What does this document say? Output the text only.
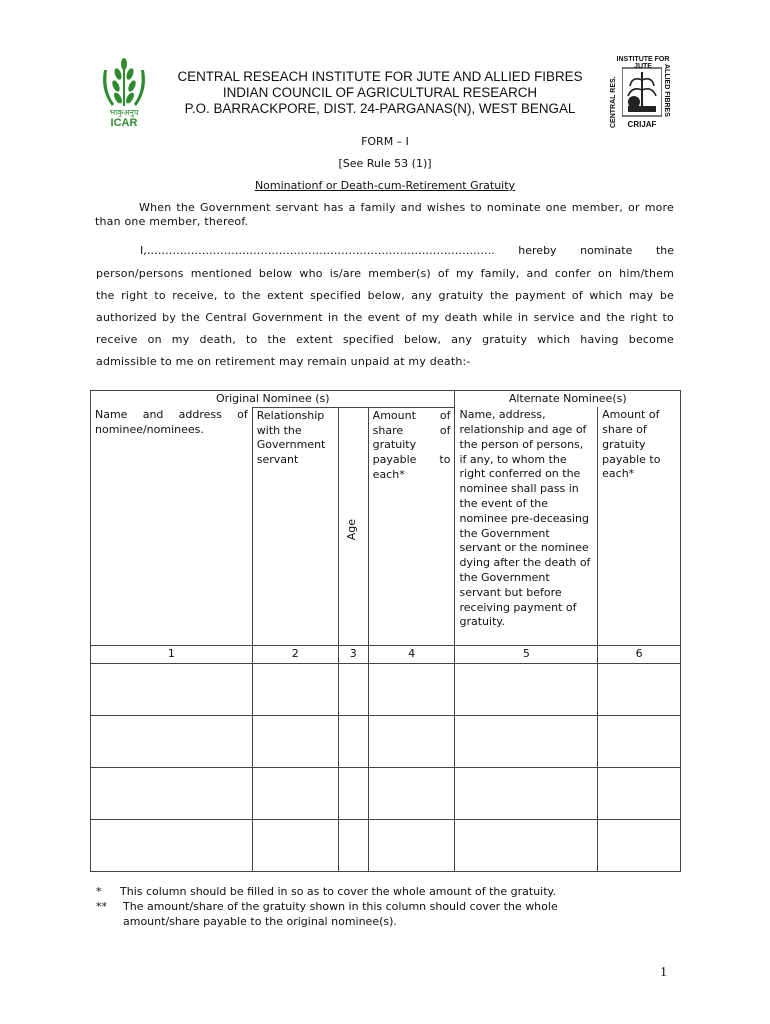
भाकृअनुप
ICAR
CENTRAL RESEACH INSTITUTE FOR JUTE AND ALLIED FIBRES
INDIAN COUNCIL OF AGRICULTURAL RESEARCH
P.O. BARRACKPORE, DIST. 24-PARGANAS(N), WEST BENGAL
INSTITUTE FOR JUTE
CENTRAL RES.	ALLIED FIBRES
CRIJAF
FORM – I
[See Rule 53 (1)]
Nominationf or Death-cum-Retirement Gratuity
When the Government servant has a family and wishes to nominate one member, or more than one member, thereof.
I,………………………………………………………………………………….. hereby nominate the
person/persons mentioned below who is/are member(s) of my family, and confer on him/them
the right to receive, to the extent specified below, any gratuity the payment of which may be
authorized by the Central Government in the event of my death while in service and the right to
receive on my death, to the extent specified below, any gratuity which having become
admissible to me on retirement may remain unpaid at my death:-
Original Nominee (s)				Alternate Nominee(s)	
Name and address of nominee/nominees.	Relationship with the Government servant	Age	Amount of share of gratuity payable to each*	Name, address, relationship and age of the person of persons, if any, to whom the right conferred on the nominee shall pass in the event of the nominee pre-deceasing the Government servant or the nominee dying after the death of the Government servant but before receiving payment of gratuity.	Amount of share of gratuity payable to each*
1	2	3	4	5	6

* This column should be filled in so as to cover the whole amount of the gratuity.
**	The amount/share of the gratuity shown in this column should cover the whole amount/share payable to the original nominee(s).
1
